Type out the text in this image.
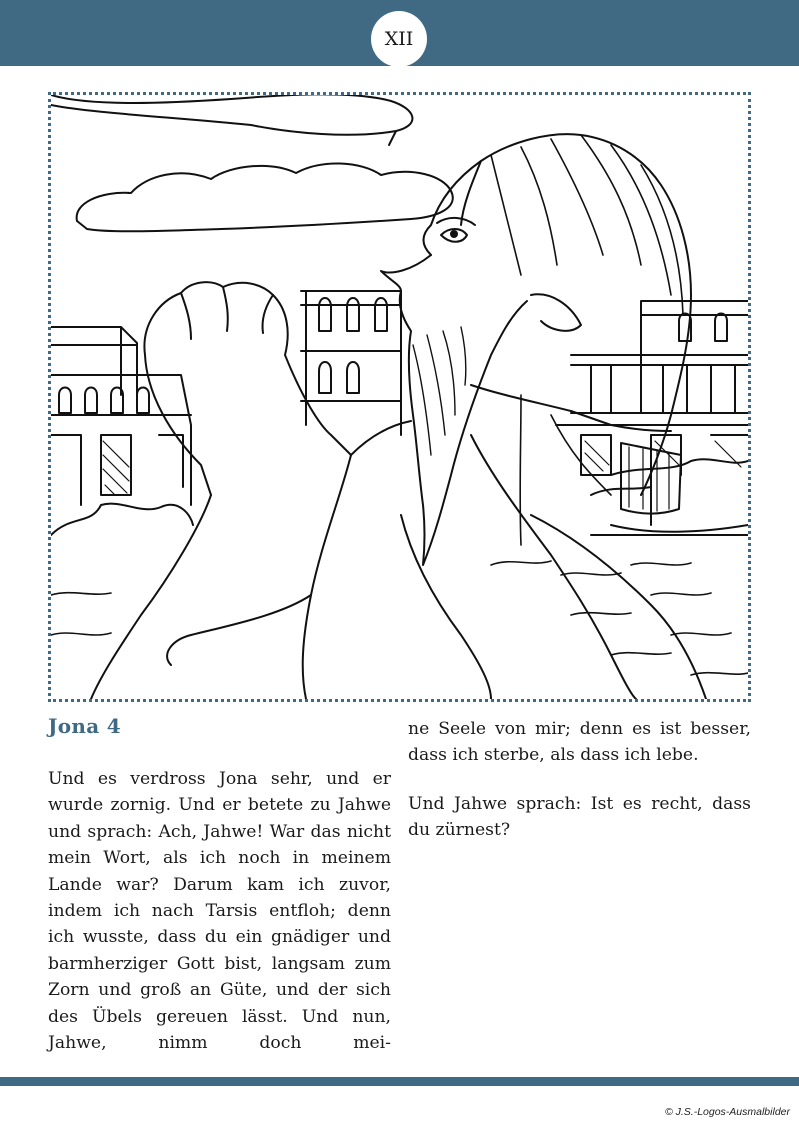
XII
Jona 4

Und es verdross Jona sehr, und er wurde zornig. Und er betete zu Jahwe und sprach: Ach, Jahwe! War das nicht mein Wort, als ich noch in meinem Lande war? Darum kam ich zuvor, indem ich nach Tarsis entfloh; denn ich wusste, dass du ein gnädiger und barmherziger Gott bist, langsam zum Zorn und groß an Güte, und der sich des Übels gereuen lässt. Und nun, Jahwe, nimm doch mei-

ne Seele von mir; denn es ist besser, dass ich sterbe, als dass ich lebe.

Und Jahwe sprach: Ist es recht, dass du zürnest?

© J.S.-Logos-Ausmalbilder
